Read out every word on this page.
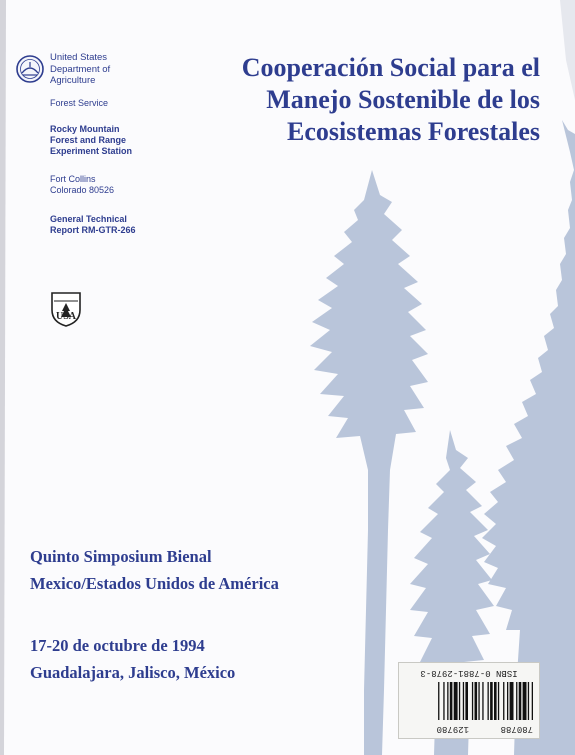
United States
Department of
Agriculture
Forest Service
Rocky Mountain
Forest and Range
Experiment Station
Fort Collins
Colorado 80526
General Technical
Report RM-GTR-266
USA
Cooperación Social para el
Manejo Sostenible de los
Ecosistemas Forestales
Quinto Simposium Bienal
Mexico/Estados Unidos de América
17-20 de octubre de 1994
Guadalajara, Jalisco, México
780788
129780
ISBN 0-7881-2978-3
